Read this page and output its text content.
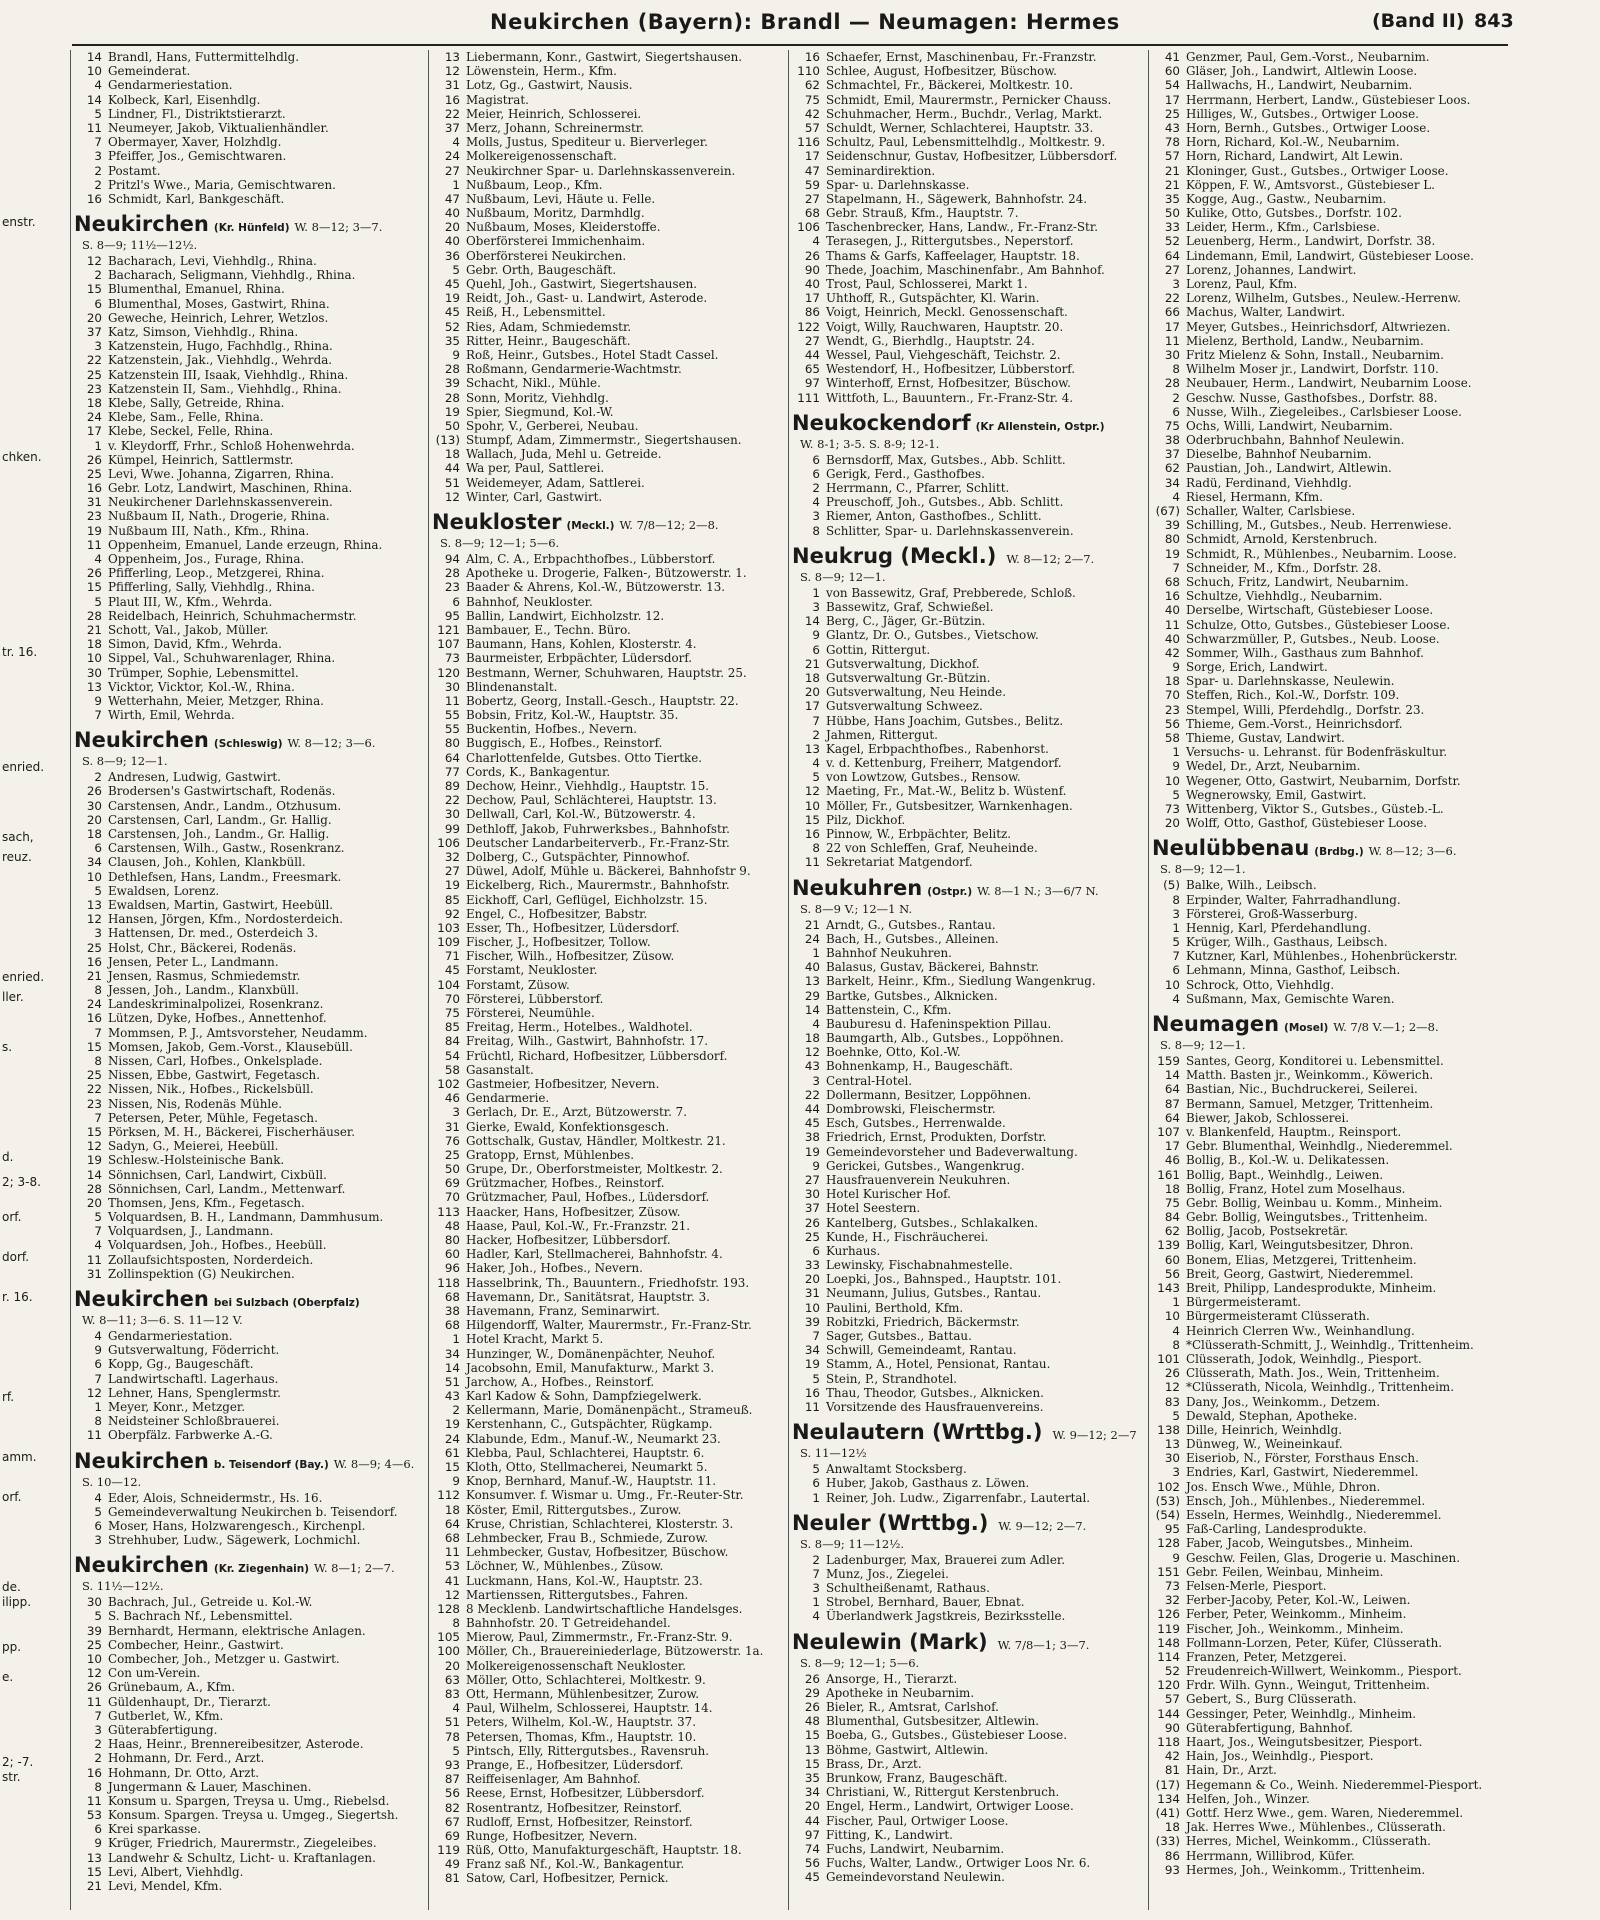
Neukirchen (Bayern): Brandl — Neumagen: Hermes	(Band II) 843
enstr.
chken.
tr. 16.
enried.
sach,
reuz.
enried.
ller.
s.
d.
2; 3-8.
orf.
dorf.
r. 16.
rf.
amm.
orf.
de.
ilipp.
pp.
e.
2; -7.
str.
14 Brandl, Hans, Futtermittelhdlg.
10 Gemeinderat.
4 Gendarmeriestation.
14 Kolbeck, Karl, Eisenhdlg.
5 Lindner, Fl., Distriktstierarzt.
11 Neumeyer, Jakob, Viktualienhändler.
7 Obermayer, Xaver, Holzhdlg.
3 Pfeiffer, Jos., Gemischtwaren.
2 Postamt.
2 Pritzl's Wwe., Maria, Gemischtwaren.
16 Schmidt, Karl, Bankgeschäft.
Neukirchen (Kr. Hünfeld) W. 8—12; 3—7.
S. 8—9; 11½—12½.
12 Bacharach, Levi, Viehhdlg., Rhina.
2 Bacharach, Seligmann, Viehhdlg., Rhina.
15 Blumenthal, Emanuel, Rhina.
6 Blumenthal, Moses, Gastwirt, Rhina.
20 Geweche, Heinrich, Lehrer, Wetzlos.
37 Katz, Simson, Viehhdlg., Rhina.
3 Katzenstein, Hugo, Fachhdlg., Rhina.
22 Katzenstein, Jak., Viehhdlg., Wehrda.
25 Katzenstein III, Isaak, Viehhdlg., Rhina.
23 Katzenstein II, Sam., Viehhdlg., Rhina.
18 Klebe, Sally, Getreide, Rhina.
24 Klebe, Sam., Felle, Rhina.
17 Klebe, Seckel, Felle, Rhina.
1 v. Kleydorff, Frhr., Schloß Hohenwehrda.
26 Kümpel, Heinrich, Sattlermstr.
25 Levi, Wwe. Johanna, Zigarren, Rhina.
16 Gebr. Lotz, Landwirt, Maschinen, Rhina.
31 Neukirchener Darlehnskassenverein.
23 Nußbaum II, Nath., Drogerie, Rhina.
19 Nußbaum III, Nath., Kfm., Rhina.
11 Oppenheim, Emanuel, Lande erzeugn, Rhina.
4 Oppenheim, Jos., Furage, Rhina.
26 Pfifferling, Leop., Metzgerei, Rhina.
15 Pfifferling, Sally, Viehhdlg., Rhina.
5 Plaut III, W., Kfm., Wehrda.
28 Reidelbach, Heinrich, Schuhmachermstr.
21 Schott, Val., Jakob, Müller.
18 Simon, David, Kfm., Wehrda.
10 Sippel, Val., Schuhwarenlager, Rhina.
30 Trümper, Sophie, Lebensmittel.
13 Vicktor, Vicktor, Kol.-W., Rhina.
9 Wetterhahn, Meier, Metzger, Rhina.
7 Wirth, Emil, Wehrda.
Neukirchen (Schleswig) W. 8—12; 3—6.
S. 8—9; 12—1.
2 Andresen, Ludwig, Gastwirt.
26 Brodersen's Gastwirtschaft, Rodenäs.
30 Carstensen, Andr., Landm., Otzhusum.
20 Carstensen, Carl, Landm., Gr. Hallig.
18 Carstensen, Joh., Landm., Gr. Hallig.
6 Carstensen, Wilh., Gastw., Rosenkranz.
34 Clausen, Joh., Kohlen, Klankbüll.
10 Dethlefsen, Hans, Landm., Freesmark.
5 Ewaldsen, Lorenz.
13 Ewaldsen, Martin, Gastwirt, Heebüll.
12 Hansen, Jörgen, Kfm., Nordosterdeich.
3 Hattensen, Dr. med., Osterdeich 3.
25 Holst, Chr., Bäckerei, Rodenäs.
16 Jensen, Peter L., Landmann.
21 Jensen, Rasmus, Schmiedemstr.
8 Jessen, Joh., Landm., Klanxbüll.
24 Landeskriminalpolizei, Rosenkranz.
16 Lützen, Dyke, Hofbes., Annettenhof.
7 Mommsen, P. J., Amtsvorsteher, Neudamm.
15 Momsen, Jakob, Gem.-Vorst., Klausebüll.
8 Nissen, Carl, Hofbes., Onkelsplade.
25 Nissen, Ebbe, Gastwirt, Fegetasch.
22 Nissen, Nik., Hofbes., Rickelsbüll.
23 Nissen, Nis, Rodenäs Mühle.
7 Petersen, Peter, Mühle, Fegetasch.
15 Pörksen, M. H., Bäckerei, Fischerhäuser.
12 Sadyn, G., Meierei, Heebüll.
19 Schlesw.-Holsteinische Bank.
14 Sönnichsen, Carl, Landwirt, Cixbüll.
28 Sönnichsen, Carl, Landm., Mettenwarf.
20 Thomsen, Jens, Kfm., Fegetasch.
5 Volquardsen, B. H., Landmann, Dammhusum.
7 Volquardsen, J., Landmann.
4 Volquardsen, Joh., Hofbes., Heebüll.
11 Zollaufsichtsposten, Norderdeich.
31 Zollinspektion (G) Neukirchen.
Neukirchen bei Sulzbach (Oberpfalz)
W. 8—11; 3—6. S. 11—12 V.
4 Gendarmeriestation.
9 Gutsverwaltung, Föderricht.
6 Kopp, Gg., Baugeschäft.
7 Landwirtschaftl. Lagerhaus.
12 Lehner, Hans, Spenglermstr.
1 Meyer, Konr., Metzger.
8 Neidsteiner Schloßbrauerei.
11 Oberpfälz. Farbwerke A.-G.
Neukirchen b. Teisendorf (Bay.) W. 8—9; 4—6.
S. 10—12.
4 Eder, Alois, Schneidermstr., Hs. 16.
5 Gemeindeverwaltung Neukirchen b. Teisendorf.
6 Moser, Hans, Holzwarengesch., Kirchenpl.
3 Strehhuber, Ludw., Sägewerk, Lochmichl.
Neukirchen (Kr. Ziegenhain) W. 8—1; 2—7.
S. 11½—12½.
30 Bachrach, Jul., Getreide u. Kol.-W.
5 S. Bachrach Nf., Lebensmittel.
39 Bernhardt, Hermann, elektrische Anlagen.
25 Combecher, Heinr., Gastwirt.
10 Combecher, Joh., Metzger u. Gastwirt.
12 Con um-Verein.
26 Grünebaum, A., Kfm.
11 Güldenhaupt, Dr., Tierarzt.
7 Gutberlet, W., Kfm.
3 Güterabfertigung.
2 Haas, Heinr., Brennereibesitzer, Asterode.
2 Hohmann, Dr. Ferd., Arzt.
16 Hohmann, Dr. Otto, Arzt.
8 Jungermann & Lauer, Maschinen.
11 Konsum u. Spargen, Treysa u. Umg., Riebelsd.
53 Konsum. Spargen. Treysa u. Umgeg., Siegertsh.
6 Krei sparkasse.
9 Krüger, Friedrich, Maurermstr., Ziegeleibes.
13 Landwehr & Schultz, Licht- u. Kraftanlagen.
15 Levi, Albert, Viehhdlg.
21 Levi, Mendel, Kfm.
13 Liebermann, Konr., Gastwirt, Siegertshausen.
12 Löwenstein, Herm., Kfm.
31 Lotz, Gg., Gastwirt, Nausis.
16 Magistrat.
22 Meier, Heinrich, Schlosserei.
37 Merz, Johann, Schreinermstr.
4 Molls, Justus, Spediteur u. Bierverleger.
24 Molkereigenossenschaft.
27 Neukirchner Spar- u. Darlehnskassenverein.
1 Nußbaum, Leop., Kfm.
47 Nußbaum, Levi, Häute u. Felle.
40 Nußbaum, Moritz, Darmhdlg.
20 Nußbaum, Moses, Kleiderstoffe.
40 Oberförsterei Immichenhaim.
36 Oberförsterei Neukirchen.
5 Gebr. Orth, Baugeschäft.
45 Quehl, Joh., Gastwirt, Siegertshausen.
19 Reidt, Joh., Gast- u. Landwirt, Asterode.
45 Reiß, H., Lebensmittel.
52 Ries, Adam, Schmiedemstr.
35 Ritter, Heinr., Baugeschäft.
9 Roß, Heinr., Gutsbes., Hotel Stadt Cassel.
28 Roßmann, Gendarmerie-Wachtmstr.
39 Schacht, Nikl., Mühle.
28 Sonn, Moritz, Viehhdlg.
19 Spier, Siegmund, Kol.-W.
50 Spohr, V., Gerberei, Neubau.
(13) Stumpf, Adam, Zimmermstr., Siegertshausen.
18 Wallach, Juda, Mehl u. Getreide.
44 Wa per, Paul, Sattlerei.
51 Weidemeyer, Adam, Sattlerei.
12 Winter, Carl, Gastwirt.
Neukloster (Meckl.) W. 7/8—12; 2—8.
S. 8—9; 12—1; 5—6.
94 Alm, C. A., Erbpachthofbes., Lübberstorf.
28 Apotheke u. Drogerie, Falken-, Bützowerstr. 1.
23 Baader & Ahrens, Kol.-W., Bützowerstr. 13.
6 Bahnhof, Neukloster.
95 Ballin, Landwirt, Eichholzstr. 12.
121 Bambauer, E., Techn. Büro.
107 Baumann, Hans, Kohlen, Klosterstr. 4.
73 Baurmeister, Erbpächter, Lüdersdorf.
120 Bestmann, Werner, Schuhwaren, Hauptstr. 25.
30 Blindenanstalt.
11 Bobertz, Georg, Install.-Gesch., Hauptstr. 22.
55 Bobsin, Fritz, Kol.-W., Hauptstr. 35.
55 Buckentin, Hofbes., Nevern.
80 Buggisch, E., Hofbes., Reinstorf.
64 Charlottenfelde, Gutsbes. Otto Tiertke.
77 Cords, K., Bankagentur.
89 Dechow, Heinr., Viehhdlg., Hauptstr. 15.
22 Dechow, Paul, Schlächterei, Hauptstr. 13.
30 Dellwall, Carl, Kol.-W., Bützowerstr. 4.
99 Dethloff, Jakob, Fuhrwerksbes., Bahnhofstr.
106 Deutscher Landarbeiterverb., Fr.-Franz-Str.
32 Dolberg, C., Gutspächter, Pinnowhof.
27 Düwel, Adolf, Mühle u. Bäckerei, Bahnhofstr 9.
19 Eickelberg, Rich., Maurermstr., Bahnhofstr.
85 Eickhoff, Carl, Geflügel, Eichholzstr. 15.
92 Engel, C., Hofbesitzer, Babstr.
103 Esser, Th., Hofbesitzer, Lüdersdorf.
109 Fischer, J., Hofbesitzer, Tollow.
71 Fischer, Wilh., Hofbesitzer, Züsow.
45 Forstamt, Neukloster.
104 Forstamt, Züsow.
70 Försterei, Lübberstorf.
75 Försterei, Neumühle.
85 Freitag, Herm., Hotelbes., Waldhotel.
84 Freitag, Wilh., Gastwirt, Bahnhofstr. 17.
54 Früchtl, Richard, Hofbesitzer, Lübbersdorf.
58 Gasanstalt.
102 Gastmeier, Hofbesitzer, Nevern.
46 Gendarmerie.
3 Gerlach, Dr. E., Arzt, Bützowerstr. 7.
31 Gierke, Ewald, Konfektionsgesch.
76 Gottschalk, Gustav, Händler, Moltkestr. 21.
25 Gratopp, Ernst, Mühlenbes.
50 Grupe, Dr., Oberforstmeister, Moltkestr. 2.
69 Grützmacher, Hofbes., Reinstorf.
70 Grützmacher, Paul, Hofbes., Lüdersdorf.
113 Haacker, Hans, Hofbesitzer, Züsow.
48 Haase, Paul, Kol.-W., Fr.-Franzstr. 21.
80 Hacker, Hofbesitzer, Lübbersdorf.
60 Hadler, Karl, Stellmacherei, Bahnhofstr. 4.
96 Haker, Joh., Hofbes., Nevern.
118 Hasselbrink, Th., Bauuntern., Friedhofstr. 193.
68 Havemann, Dr., Sanitätsrat, Hauptstr. 3.
38 Havemann, Franz, Seminarwirt.
68 Hilgendorff, Walter, Maurermstr., Fr.-Franz-Str.
1 Hotel Kracht, Markt 5.
34 Hunzinger, W., Domänenpächter, Neuhof.
14 Jacobsohn, Emil, Manufakturw., Markt 3.
51 Jarchow, A., Hofbes., Reinstorf.
43 Karl Kadow & Sohn, Dampfziegelwerk.
2 Kellermann, Marie, Domänenpächt., Strameuß.
19 Kerstenhann, C., Gutspächter, Rügkamp.
24 Klabunde, Edm., Manuf.-W., Neumarkt 23.
61 Klebba, Paul, Schlachterei, Hauptstr. 6.
15 Kloth, Otto, Stellmacherei, Neumarkt 5.
9 Knop, Bernhard, Manuf.-W., Hauptstr. 11.
112 Konsumver. f. Wismar u. Umg., Fr.-Reuter-Str.
18 Köster, Emil, Rittergutsbes., Zurow.
64 Kruse, Christian, Schlachterei, Klosterstr. 3.
68 Lehmbecker, Frau B., Schmiede, Zurow.
11 Lehmbecker, Gustav, Hofbesitzer, Büschow.
53 Löchner, W., Mühlenbes., Züsow.
41 Luckmann, Hans, Kol.-W., Hauptstr. 23.
12 Martienssen, Rittergutsbes., Fahren.
128 8 Mecklenb. Landwirtschaftliche Handelsges.
8 Bahnhofstr. 20. T Getreidehandel.
105 Mierow, Paul, Zimmermstr., Fr.-Franz-Str. 9.
100 Möller, Ch., Brauereiniederlage, Bützowerstr. 1a.
20 Molkereigenossenschaft Neukloster.
63 Möller, Otto, Schlachterei, Moltkestr. 9.
83 Ott, Hermann, Mühlenbesitzer, Zurow.
4 Paul, Wilhelm, Schlosserei, Hauptstr. 14.
51 Peters, Wilhelm, Kol.-W., Hauptstr. 37.
78 Petersen, Thomas, Kfm., Hauptstr. 10.
5 Pintsch, Elly, Rittergutsbes., Ravensruh.
93 Prange, E., Hofbesitzer, Lüdersdorf.
87 Reiffeisenlager, Am Bahnhof.
56 Reese, Ernst, Hofbesitzer, Lübbersdorf.
82 Rosentrantz, Hofbesitzer, Reinstorf.
67 Rudloff, Ernst, Hofbesitzer, Reinstorf.
69 Runge, Hofbesitzer, Nevern.
119 Rüß, Otto, Manufakturgeschäft, Hauptstr. 18.
49 Franz saß Nf., Kol.-W., Bankagentur.
81 Satow, Carl, Hofbesitzer, Pernick.
16 Schaefer, Ernst, Maschinenbau, Fr.-Franzstr.
110 Schlee, August, Hofbesitzer, Büschow.
62 Schmachtel, Fr., Bäckerei, Moltkestr. 10.
75 Schmidt, Emil, Maurermstr., Pernicker Chauss.
42 Schuhmacher, Herm., Buchdr., Verlag, Markt.
57 Schuldt, Werner, Schlachterei, Hauptstr. 33.
116 Schultz, Paul, Lebensmittelhdlg., Moltkestr. 9.
17 Seidenschnur, Gustav, Hofbesitzer, Lübbersdorf.
47 Seminardirektion.
59 Spar- u. Darlehnskasse.
27 Stapelmann, H., Sägewerk, Bahnhofstr. 24.
68 Gebr. Strauß, Kfm., Hauptstr. 7.
106 Taschenbrecker, Hans, Landw., Fr.-Franz-Str.
4 Terasegen, J., Rittergutsbes., Neperstorf.
26 Thams & Garfs, Kaffeelager, Hauptstr. 18.
90 Thede, Joachim, Maschinenfabr., Am Bahnhof.
40 Trost, Paul, Schlosserei, Markt 1.
17 Uhthoff, R., Gutspächter, Kl. Warin.
86 Voigt, Heinrich, Meckl. Genossenschaft.
122 Voigt, Willy, Rauchwaren, Hauptstr. 20.
27 Wendt, G., Bierhdlg., Hauptstr. 24.
44 Wessel, Paul, Viehgeschäft, Teichstr. 2.
65 Westendorf, H., Hofbesitzer, Lübberstorf.
97 Winterhoff, Ernst, Hofbesitzer, Büschow.
111 Wittfoth, L., Bauuntern., Fr.-Franz-Str. 4.
Neukockendorf (Kr Allenstein, Ostpr.)
W. 8-1; 3-5. S. 8-9; 12-1.
6 Bernsdorff, Max, Gutsbes., Abb. Schlitt.
6 Gerigk, Ferd., Gasthofbes.
2 Herrmann, C., Pfarrer, Schlitt.
4 Preuschoff, Joh., Gutsbes., Abb. Schlitt.
3 Riemer, Anton, Gasthofbes., Schlitt.
8 Schlitter, Spar- u. Darlehnskassenverein.
Neukrug (Meckl.) W. 8—12; 2—7.
S. 8—9; 12—1.
1 von Bassewitz, Graf, Prebberede, Schloß.
3 Bassewitz, Graf, Schwießel.
14 Berg, C., Jäger, Gr.-Bützin.
9 Glantz, Dr. O., Gutsbes., Vietschow.
6 Gottin, Rittergut.
21 Gutsverwaltung, Dickhof.
18 Gutsverwaltung Gr.-Bützin.
20 Gutsverwaltung, Neu Heinde.
17 Gutsverwaltung Schweez.
7 Hübbe, Hans Joachim, Gutsbes., Belitz.
2 Jahmen, Rittergut.
13 Kagel, Erbpachthofbes., Rabenhorst.
4 v. d. Kettenburg, Freiherr, Matgendorf.
5 von Lowtzow, Gutsbes., Rensow.
12 Maeting, Fr., Mat.-W., Belitz b. Wüstenf.
10 Möller, Fr., Gutsbesitzer, Warnkenhagen.
15 Pilz, Dickhof.
16 Pinnow, W., Erbpächter, Belitz.
8 22 von Schleffen, Graf, Neuheinde.
11 Sekretariat Matgendorf.
Neukuhren (Ostpr.) W. 8—1 N.; 3—6/7 N.
S. 8—9 V.; 12—1 N.
21 Arndt, G., Gutsbes., Rantau.
24 Bach, H., Gutsbes., Alleinen.
1 Bahnhof Neukuhren.
40 Balasus, Gustav, Bäckerei, Bahnstr.
13 Barkelt, Heinr., Kfm., Siedlung Wangenkrug.
29 Bartke, Gutsbes., Alknicken.
14 Battenstein, C., Kfm.
4 Bauburesu d. Hafeninspektion Pillau.
18 Baumgarth, Alb., Gutsbes., Loppöhnen.
12 Boehnke, Otto, Kol.-W.
43 Bohnenkamp, H., Baugeschäft.
3 Central-Hotel.
22 Dollermann, Besitzer, Loppöhnen.
44 Dombrowski, Fleischermstr.
45 Esch, Gutsbes., Herrenwalde.
38 Friedrich, Ernst, Produkten, Dorfstr.
19 Gemeindevorsteher und Badeverwaltung.
9 Gerickei, Gutsbes., Wangenkrug.
27 Hausfrauenverein Neukuhren.
30 Hotel Kurischer Hof.
37 Hotel Seestern.
26 Kantelberg, Gutsbes., Schlakalken.
25 Kunde, H., Fischräucherei.
6 Kurhaus.
33 Lewinsky, Fischabnahmestelle.
20 Loepki, Jos., Bahnsped., Hauptstr. 101.
31 Neumann, Julius, Gutsbes., Rantau.
10 Paulini, Berthold, Kfm.
39 Robitzki, Friedrich, Bäckermstr.
7 Sager, Gutsbes., Battau.
34 Schwill, Gemeindeamt, Rantau.
19 Stamm, A., Hotel, Pensionat, Rantau.
5 Stein, P., Strandhotel.
16 Thau, Theodor, Gutsbes., Alknicken.
11 Vorsitzende des Hausfrauenvereins.
Neulautern (Wrttbg.) W. 9—12; 2—7
S. 11—12½
5 Anwaltamt Stocksberg.
6 Huber, Jakob, Gasthaus z. Löwen.
1 Reiner, Joh. Ludw., Zigarrenfabr., Lautertal.
Neuler (Wrttbg.) W. 9—12; 2—7.
S. 8—9; 11—12½.
2 Ladenburger, Max, Brauerei zum Adler.
7 Munz, Jos., Ziegelei.
3 Schultheißenamt, Rathaus.
1 Strobel, Bernhard, Bauer, Ebnat.
4 Überlandwerk Jagstkreis, Bezirksstelle.
Neulewin (Mark) W. 7/8—1; 3—7.
S. 8—9; 12—1; 5—6.
26 Ansorge, H., Tierarzt.
29 Apotheke in Neubarnim.
26 Bieler, R., Amtsrat, Carlshof.
48 Blumenthal, Gutsbesitzer, Altlewin.
15 Boeba, G., Gutsbes., Güstebieser Loose.
13 Böhme, Gastwirt, Altlewin.
15 Brass, Dr., Arzt.
35 Brunkow, Franz, Baugeschäft.
34 Christiani, W., Rittergut Kerstenbruch.
20 Engel, Herm., Landwirt, Ortwiger Loose.
44 Fischer, Paul, Ortwiger Loose.
97 Fitting, K., Landwirt.
74 Fuchs, Landwirt, Neubarnim.
56 Fuchs, Walter, Landw., Ortwiger Loos Nr. 6.
45 Gemeindevorstand Neulewin.
41 Genzmer, Paul, Gem.-Vorst., Neubarnim.
60 Gläser, Joh., Landwirt, Altlewin Loose.
54 Hallwachs, H., Landwirt, Neubarnim.
17 Herrmann, Herbert, Landw., Güstebieser Loos.
25 Hilliges, W., Gutsbes., Ortwiger Loose.
43 Horn, Bernh., Gutsbes., Ortwiger Loose.
78 Horn, Richard, Kol.-W., Neubarnim.
57 Horn, Richard, Landwirt, Alt Lewin.
21 Kloninger, Gust., Gutsbes., Ortwiger Loose.
21 Köppen, F. W., Amtsvorst., Güstebieser L.
35 Kogge, Aug., Gastw., Neubarnim.
50 Kulike, Otto, Gutsbes., Dorfstr. 102.
33 Leider, Herm., Kfm., Carlsbiese.
52 Leuenberg, Herm., Landwirt, Dorfstr. 38.
64 Lindemann, Emil, Landwirt, Güstebieser Loose.
27 Lorenz, Johannes, Landwirt.
3 Lorenz, Paul, Kfm.
22 Lorenz, Wilhelm, Gutsbes., Neulew.-Herrenw.
66 Machus, Walter, Landwirt.
17 Meyer, Gutsbes., Heinrichsdorf, Altwriezen.
11 Mielenz, Berthold, Landw., Neubarnim.
30 Fritz Mielenz & Sohn, Install., Neubarnim.
8 Wilhelm Moser jr., Landwirt, Dorfstr. 110.
28 Neubauer, Herm., Landwirt, Neubarnim Loose.
2 Geschw. Nusse, Gasthofsbes., Dorfstr. 88.
6 Nusse, Wilh., Ziegeleibes., Carlsbieser Loose.
75 Ochs, Willi, Landwirt, Neubarnim.
38 Oderbruchbahn, Bahnhof Neulewin.
37 Dieselbe, Bahnhof Neubarnim.
62 Paustian, Joh., Landwirt, Altlewin.
34 Radü, Ferdinand, Viehhdlg.
4 Riesel, Hermann, Kfm.
(67) Schaller, Walter, Carlsbiese.
39 Schilling, M., Gutsbes., Neub. Herrenwiese.
80 Schmidt, Arnold, Kerstenbruch.
19 Schmidt, R., Mühlenbes., Neubarnim. Loose.
7 Schneider, M., Kfm., Dorfstr. 28.
68 Schuch, Fritz, Landwirt, Neubarnim.
16 Schultze, Viehhdlg., Neubarnim.
40 Derselbe, Wirtschaft, Güstebieser Loose.
11 Schulze, Otto, Gutsbes., Güstebieser Loose.
40 Schwarzmüller, P., Gutsbes., Neub. Loose.
42 Sommer, Wilh., Gasthaus zum Bahnhof.
9 Sorge, Erich, Landwirt.
18 Spar- u. Darlehnskasse, Neulewin.
70 Steffen, Rich., Kol.-W., Dorfstr. 109.
23 Stempel, Willi, Pferdehdlg., Dorfstr. 23.
56 Thieme, Gem.-Vorst., Heinrichsdorf.
58 Thieme, Gustav, Landwirt.
1 Versuchs- u. Lehranst. für Bodenfräskultur.
9 Wedel, Dr., Arzt, Neubarnim.
10 Wegener, Otto, Gastwirt, Neubarnim, Dorfstr.
5 Wegnerowsky, Emil, Gastwirt.
73 Wittenberg, Viktor S., Gutsbes., Güsteb.-L.
20 Wolff, Otto, Gasthof, Güstebieser Loose.
Neulübbenau (Brdbg.) W. 8—12; 3—6.
S. 8—9; 12—1.
(5) Balke, Wilh., Leibsch.
8 Erpinder, Walter, Fahrradhandlung.
3 Försterei, Groß-Wasserburg.
1 Hennig, Karl, Pferdehandlung.
5 Krüger, Wilh., Gasthaus, Leibsch.
7 Kutzner, Karl, Mühlenbes., Hohenbrückerstr.
6 Lehmann, Minna, Gasthof, Leibsch.
10 Schrock, Otto, Viehhdlg.
4 Sußmann, Max, Gemischte Waren.
Neumagen (Mosel) W. 7/8 V.—1; 2—8.
S. 8—9; 12—1.
159 Santes, Georg, Konditorei u. Lebensmittel.
14 Matth. Basten jr., Weinkomm., Köwerich.
64 Bastian, Nic., Buchdruckerei, Seilerei.
87 Bermann, Samuel, Metzger, Trittenheim.
64 Biewer, Jakob, Schlosserei.
107 v. Blankenfeld, Hauptm., Reinsport.
17 Gebr. Blumenthal, Weinhdlg., Niederemmel.
46 Bollig, B., Kol.-W. u. Delikatessen.
161 Bollig, Bapt., Weinhdlg., Leiwen.
18 Bollig, Franz, Hotel zum Moselhaus.
75 Gebr. Bollig, Weinbau u. Komm., Minheim.
84 Gebr. Bollig, Weingutsbes., Trittenheim.
62 Bollig, Jacob, Postsekretär.
139 Bollig, Karl, Weingutsbesitzer, Dhron.
60 Bonem, Elias, Metzgerei, Trittenheim.
56 Breit, Georg, Gastwirt, Niederemmel.
143 Breit, Philipp, Landesprodukte, Minheim.
1 Bürgermeisteramt.
10 Bürgermeisteramt Clüsserath.
4 Heinrich Clerren Ww., Weinhandlung.
8 *Clüsserath-Schmitt, J., Weinhdlg., Trittenheim.
101 Clüsserath, Jodok, Weinhdlg., Piesport.
26 Clüsserath, Math. Jos., Wein, Trittenheim.
12 *Clüsserath, Nicola, Weinhdlg., Trittenheim.
83 Dany, Jos., Weinkomm., Detzem.
5 Dewald, Stephan, Apotheke.
138 Dille, Heinrich, Weinhdlg.
13 Dünweg, W., Weineinkauf.
30 Eiseriob, N., Förster, Forsthaus Ensch.
3 Endries, Karl, Gastwirt, Niederemmel.
102 Jos. Ensch Wwe., Mühle, Dhron.
(53) Ensch, Joh., Mühlenbes., Niederemmel.
(54) Esseln, Hermes, Weinhdlg., Niederemmel.
95 Faß-Carling, Landesprodukte.
128 Faber, Jacob, Weingutsbes., Minheim.
9 Geschw. Feilen, Glas, Drogerie u. Maschinen.
151 Gebr. Feilen, Weinbau, Minheim.
73 Felsen-Merle, Piesport.
32 Ferber-Jacoby, Peter, Kol.-W., Leiwen.
126 Ferber, Peter, Weinkomm., Minheim.
119 Fischer, Joh., Weinkomm., Minheim.
148 Follmann-Lorzen, Peter, Küfer, Clüsserath.
114 Franzen, Peter, Metzgerei.
52 Freudenreich-Willwert, Weinkomm., Piesport.
120 Frdr. Wilh. Gynn., Weingut, Trittenheim.
57 Gebert, S., Burg Clüsserath.
144 Gessinger, Peter, Weinhdlg., Minheim.
90 Güterabfertigung, Bahnhof.
118 Haart, Jos., Weingutsbesitzer, Piesport.
42 Hain, Jos., Weinhdlg., Piesport.
81 Hain, Dr., Arzt.
(17) Hegemann & Co., Weinh. Niederemmel-Piesport.
134 Helfen, Joh., Winzer.
(41) Gottf. Herz Wwe., gem. Waren, Niederemmel.
18 Jak. Herres Wwe., Mühlenbes., Clüsserath.
(33) Herres, Michel, Weinkomm., Clüsserath.
86 Herrmann, Willibrod, Küfer.
93 Hermes, Joh., Weinkomm., Trittenheim.
